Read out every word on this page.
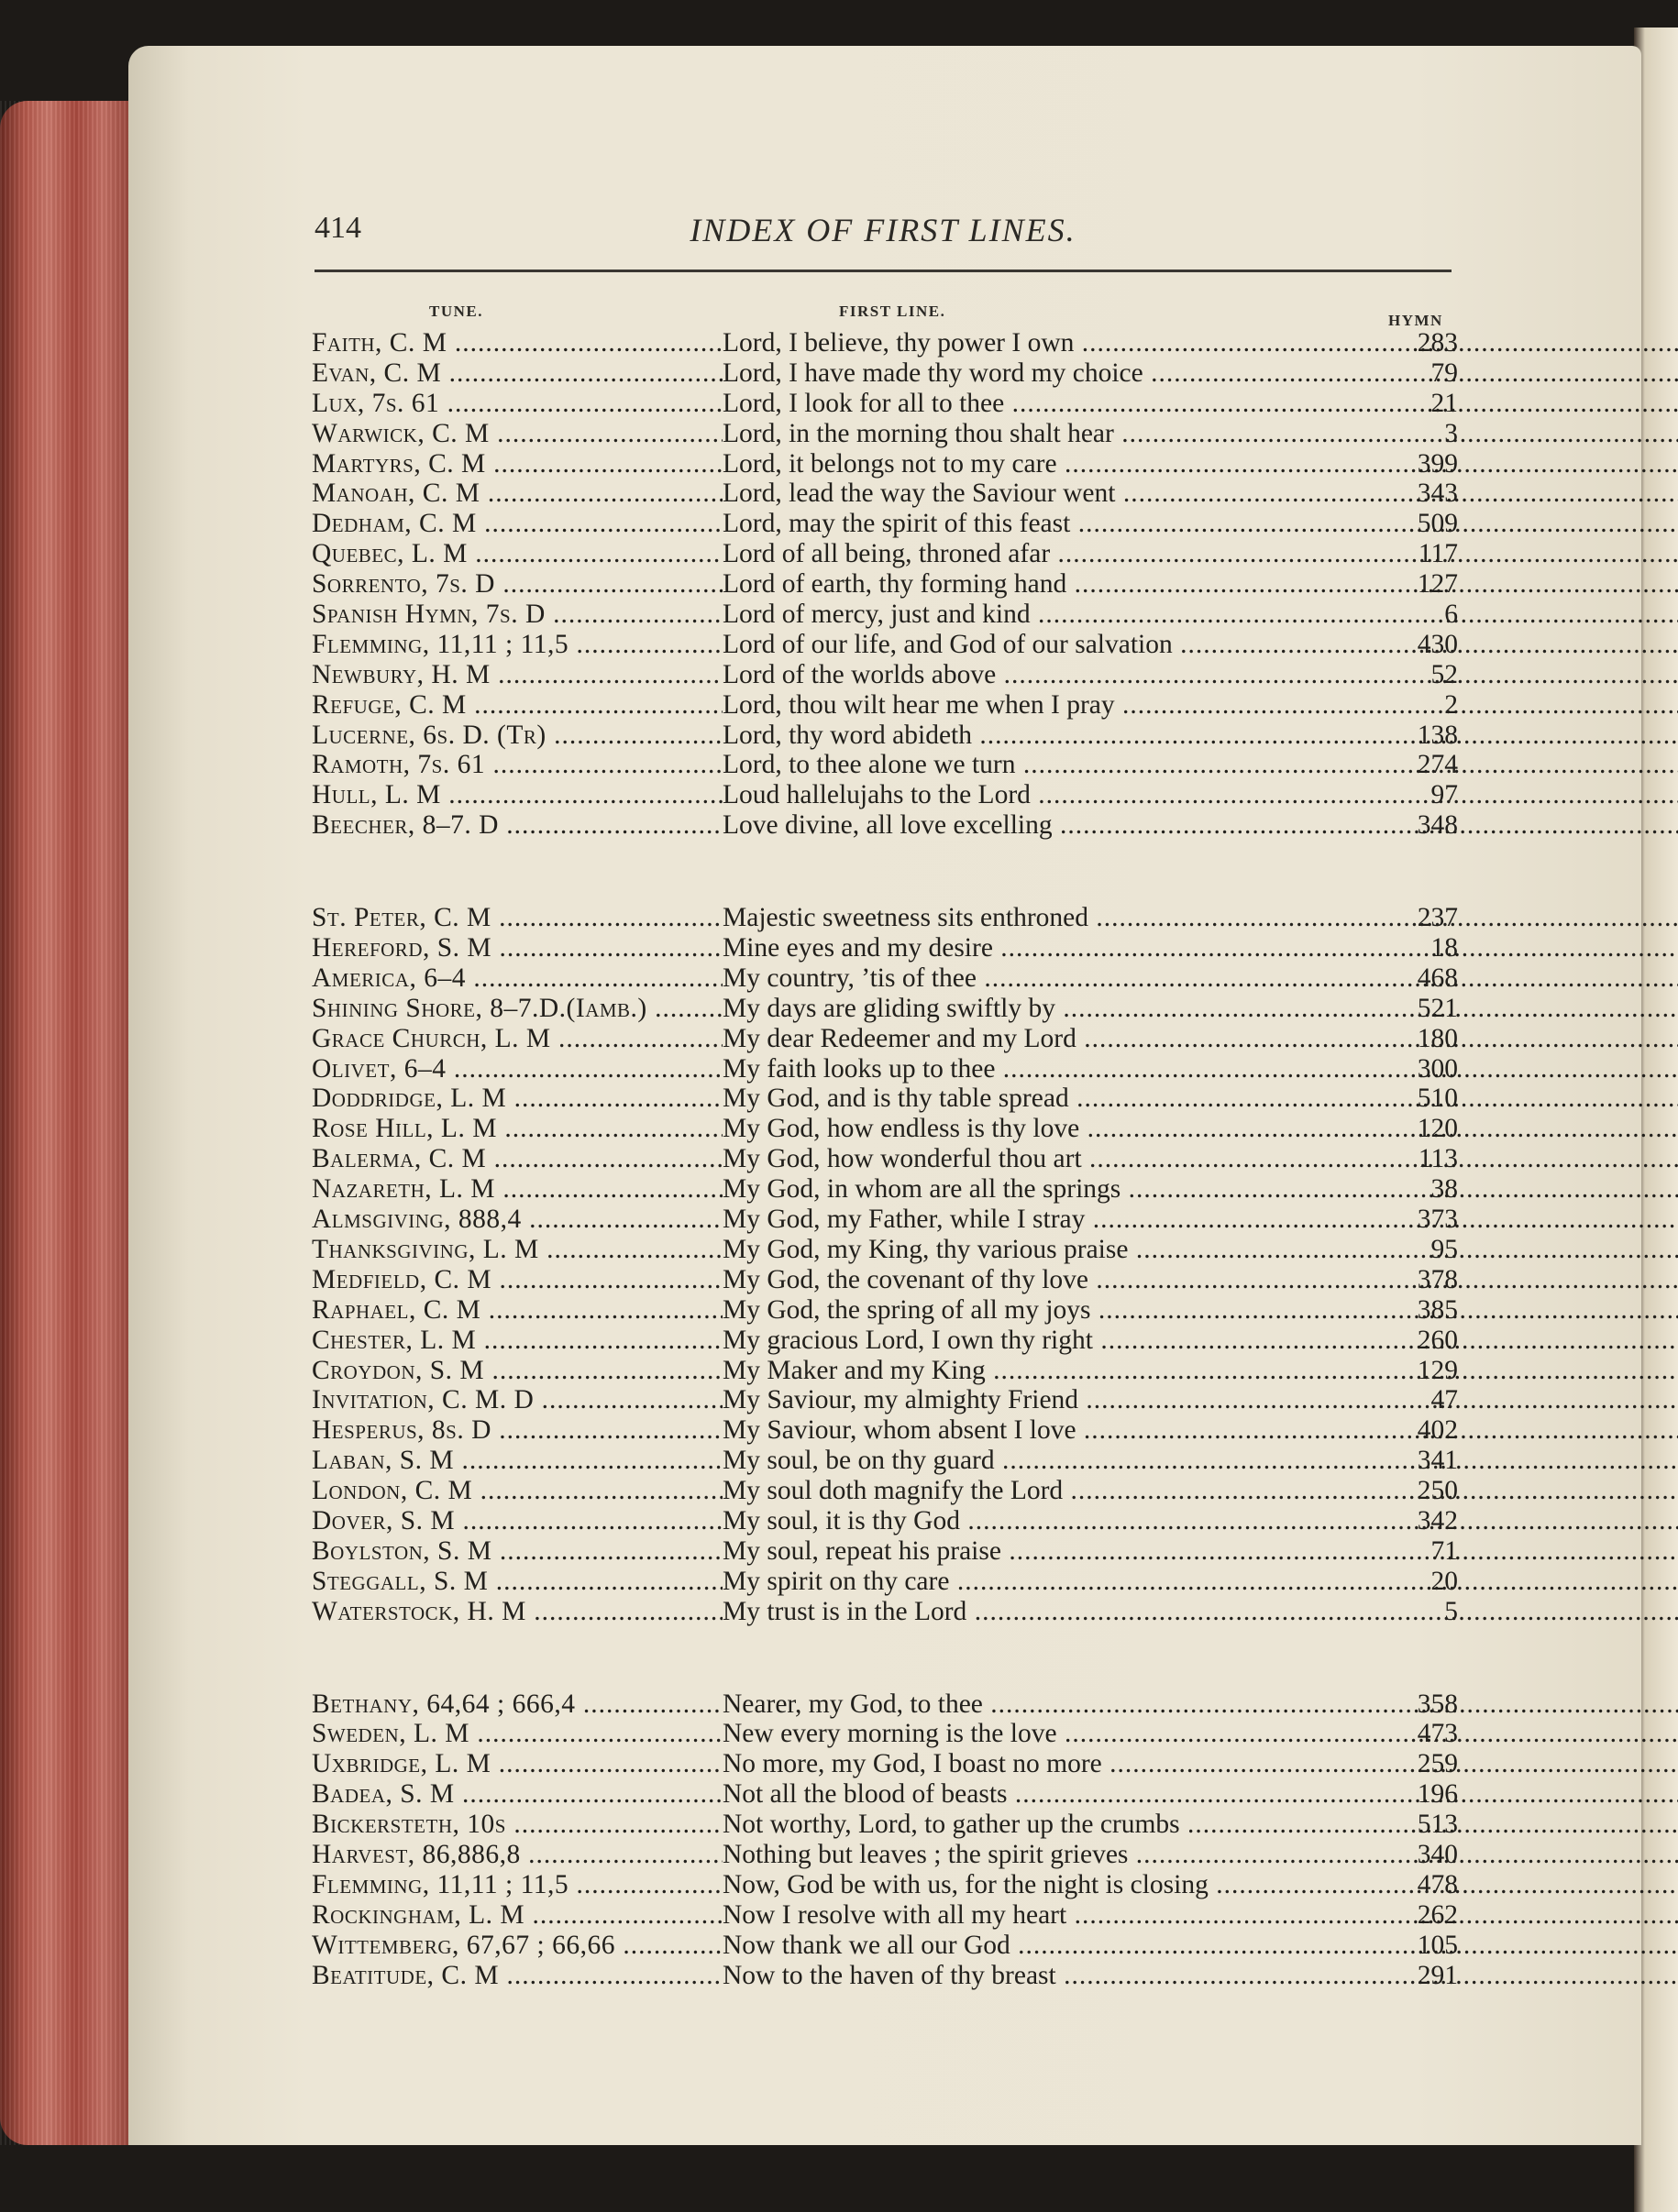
414	INDEX OF FIRST LINES.
TUNE.	FIRST LINE.
HYMN
Faith, C. M .....	Lord, I believe, thy power I own .....	283
Evan, C. M .....	Lord, I have made thy word my choice .....	79
Lux, 7s. 61 .....	Lord, I look for all to thee .....	21
Warwick, C. M .....	Lord, in the morning thou shalt hear .....	3
Martyrs, C. M .....	Lord, it belongs not to my care .....	399
Manoah, C. M .....	Lord, lead the way the Saviour went .....	343
Dedham, C. M .....	Lord, may the spirit of this feast .....	509
Quebec, L. M .....	Lord of all being, throned afar .....	117
Sorrento, 7s. D .....	Lord of earth, thy forming hand .....	127
Spanish Hymn, 7s. D .....	Lord of mercy, just and kind .....	6
Flemming, 11,11 ; 11,5 .....	Lord of our life, and God of our salvation .....	430
Newbury, H. M .....	Lord of the worlds above .....	52
Refuge, C. M .....	Lord, thou wilt hear me when I pray .....	2
Lucerne, 6s. D. (Tr) .....	Lord, thy word abideth .....	138
Ramoth, 7s. 61 .....	Lord, to thee alone we turn .....	274
Hull, L. M .....	Loud hallelujahs to the Lord .....	97
Beecher, 8–7. D .....	Love divine, all love excelling .....	348
St. Peter, C. M .....	Majestic sweetness sits enthroned .....	237
Hereford, S. M .....	Mine eyes and my desire .....	18
America, 6–4 .....	My country, ’tis of thee .....	468
Shining Shore, 8–7.D.(Iamb.) .....	My days are gliding swiftly by .....	521
Grace Church, L. M .....	My dear Redeemer and my Lord .....	180
Olivet, 6–4 .....	My faith looks up to thee .....	300
Doddridge, L. M .....	My God, and is thy table spread .....	510
Rose Hill, L. M .....	My God, how endless is thy love .....	120
Balerma, C. M .....	My God, how wonderful thou art .....	113
Nazareth, L. M .....	My God, in whom are all the springs .....	38
Almsgiving, 888,4 .....	My God, my Father, while I stray .....	373
Thanksgiving, L. M .....	My God, my King, thy various praise .....	95
Medfield, C. M .....	My God, the covenant of thy love .....	378
Raphael, C. M .....	My God, the spring of all my joys .....	385
Chester, L. M .....	My gracious Lord, I own thy right .....	260
Croydon, S. M .....	My Maker and my King .....	129
Invitation, C. M. D .....	My Saviour, my almighty Friend .....	47
Hesperus, 8s. D .....	My Saviour, whom absent I love .....	402
Laban, S. M .....	My soul, be on thy guard .....	341
London, C. M .....	My soul doth magnify the Lord .....	250
Dover, S. M .....	My soul, it is thy God .....	342
Boylston, S. M .....	My soul, repeat his praise .....	71
Steggall, S. M .....	My spirit on thy care .....	20
Waterstock, H. M .....	My trust is in the Lord .....	5
Bethany, 64,64 ; 666,4 .....	Nearer, my God, to thee .....	358
Sweden, L. M .....	New every morning is the love .....	473
Uxbridge, L. M .....	No more, my God, I boast no more .....	259
Badea, S. M .....	Not all the blood of beasts .....	196
Bickersteth, 10s .....	Not worthy, Lord, to gather up the crumbs .....	513
Harvest, 86,886,8 .....	Nothing but leaves ; the spirit grieves .....	340
Flemming, 11,11 ; 11,5 .....	Now, God be with us, for the night is closing .....	478
Rockingham, L. M .....	Now I resolve with all my heart .....	262
Wittemberg, 67,67 ; 66,66 .....	Now thank we all our God .....	105
Beatitude, C. M .....	Now to the haven of thy breast .....	291
